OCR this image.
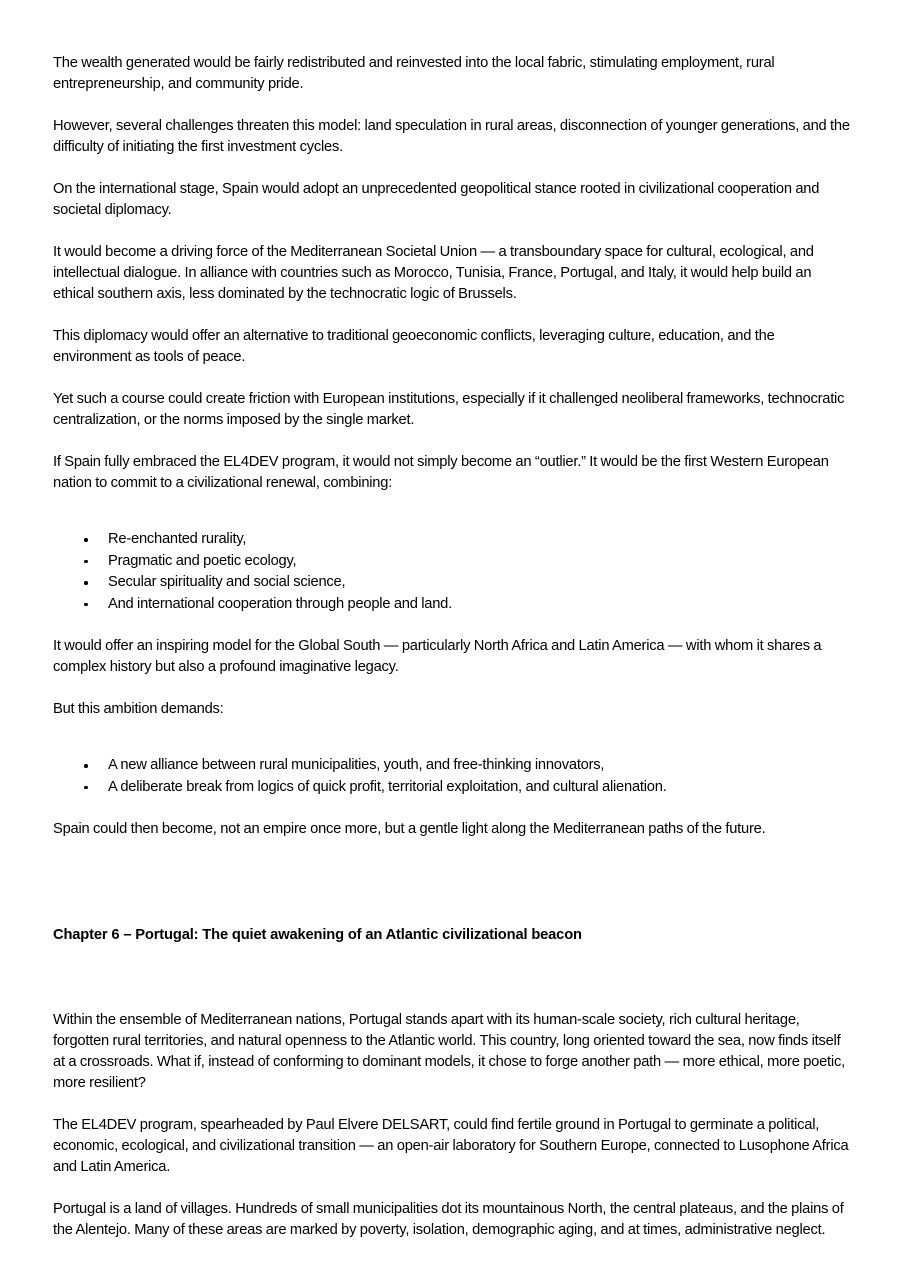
The wealth generated would be fairly redistributed and reinvested into the local fabric, stimulating employment, rural entrepreneurship, and community pride.

However, several challenges threaten this model: land speculation in rural areas, disconnection of younger generations, and the difficulty of initiating the first investment cycles.

On the international stage, Spain would adopt an unprecedented geopolitical stance rooted in civilizational cooperation and societal diplomacy.

It would become a driving force of the Mediterranean Societal Union — a transboundary space for cultural, ecological, and intellectual dialogue. In alliance with countries such as Morocco, Tunisia, France, Portugal, and Italy, it would help build an ethical southern axis, less dominated by the technocratic logic of Brussels.

This diplomacy would offer an alternative to traditional geoeconomic conflicts, leveraging culture, education, and the environment as tools of peace.

Yet such a course could create friction with European institutions, especially if it challenged neoliberal frameworks, technocratic centralization, or the norms imposed by the single market.

If Spain fully embraced the EL4DEV program, it would not simply become an “outlier.” It would be the first Western European nation to commit to a civilizational renewal, combining:

Re-enchanted rurality,
Pragmatic and poetic ecology,
Secular spirituality and social science,
And international cooperation through people and land.

It would offer an inspiring model for the Global South — particularly North Africa and Latin America — with whom it shares a complex history but also a profound imaginative legacy.

But this ambition demands:

A new alliance between rural municipalities, youth, and free-thinking innovators,
A deliberate break from logics of quick profit, territorial exploitation, and cultural alienation.

Spain could then become, not an empire once more, but a gentle light along the Mediterranean paths of the future.

Chapter 6 – Portugal: The quiet awakening of an Atlantic civilizational beacon

Within the ensemble of Mediterranean nations, Portugal stands apart with its human-scale society, rich cultural heritage, forgotten rural territories, and natural openness to the Atlantic world. This country, long oriented toward the sea, now finds itself at a crossroads. What if, instead of conforming to dominant models, it chose to forge another path — more ethical, more poetic, more resilient?

The EL4DEV program, spearheaded by Paul Elvere DELSART, could find fertile ground in Portugal to germinate a political, economic, ecological, and civilizational transition — an open-air laboratory for Southern Europe, connected to Lusophone Africa and Latin America.

Portugal is a land of villages. Hundreds of small municipalities dot its mountainous North, the central plateaus, and the plains of the Alentejo. Many of these areas are marked by poverty, isolation, demographic aging, and at times, administrative neglect.
